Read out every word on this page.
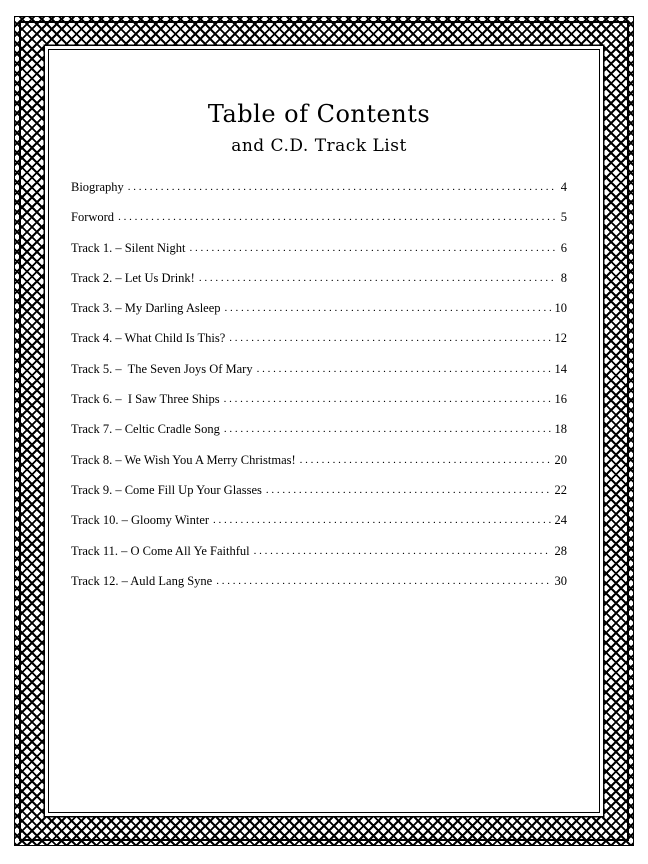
Table of Contents
and C.D. Track List
Biography . . .	4
Forword . . .	5
Track 1. – Silent Night . . .	6
Track 2. – Let Us Drink! . . .	8
Track 3. – My Darling Asleep . . .	10
Track 4. – What Child Is This? . . .	12
Track 5. –  The Seven Joys Of Mary . . .	14
Track 6. –  I Saw Three Ships . . .	16
Track 7. – Celtic Cradle Song . . .	18
Track 8. – We Wish You A Merry Christmas! . . .	20
Track 9. – Come Fill Up Your Glasses . . .	22
Track 10. – Gloomy Winter . . .	24
Track 11. – O Come All Ye Faithful . . .	28
Track 12. – Auld Lang Syne . . .	30
